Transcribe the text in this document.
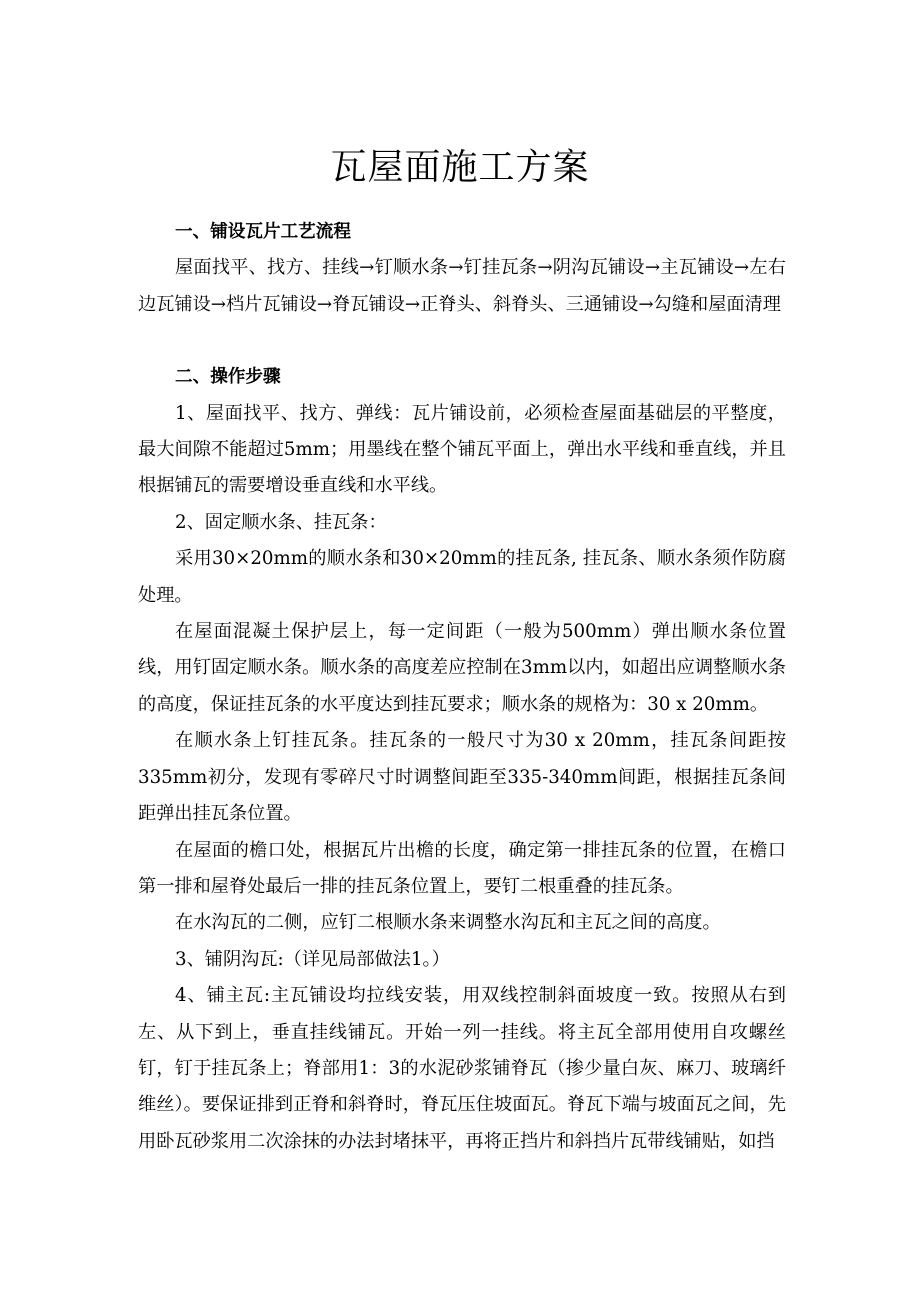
瓦屋面施工方案

一、铺设瓦片工艺流程

屋面找平、找方、挂线→钉顺水条→钉挂瓦条→阴沟瓦铺设→主瓦铺设→左右边瓦铺设→档片瓦铺设→脊瓦铺设→正脊头、斜脊头、三通铺设→勾缝和屋面清理

二、操作步骤

1、屋面找平、找方、弹线：瓦片铺设前，必须检查屋面基础层的平整度，最大间隙不能超过5mm；用墨线在整个铺瓦平面上，弹出水平线和垂直线，并且根据铺瓦的需要增设垂直线和水平线。

2、固定顺水条、挂瓦条：

采用30×20mm的顺水条和30×20mm的挂瓦条, 挂瓦条、顺水条须作防腐处理。

在屋面混凝土保护层上，每一定间距（一般为500mm）弹出顺水条位置线，用钉固定顺水条。顺水条的高度差应控制在3mm以内，如超出应调整顺水条的高度，保证挂瓦条的水平度达到挂瓦要求；顺水条的规格为：30 x 20mm。

在顺水条上钉挂瓦条。挂瓦条的一般尺寸为30 x 20mm，挂瓦条间距按335mm初分，发现有零碎尺寸时调整间距至335-340mm间距，根据挂瓦条间距弹出挂瓦条位置。

在屋面的檐口处，根据瓦片出檐的长度，确定第一排挂瓦条的位置，在檐口第一排和屋脊处最后一排的挂瓦条位置上，要钉二根重叠的挂瓦条。

在水沟瓦的二侧，应钉二根顺水条来调整水沟瓦和主瓦之间的高度。

3、铺阴沟瓦:（详见局部做法1。）

4、铺主瓦:主瓦铺设均拉线安装，用双线控制斜面坡度一致。按照从右到左、从下到上，垂直挂线铺瓦。开始一列一挂线。将主瓦全部用使用自攻螺丝钉，钉于挂瓦条上；脊部用1：3的水泥砂浆铺脊瓦（掺少量白灰、麻刀、玻璃纤维丝）。要保证排到正脊和斜脊时，脊瓦压住坡面瓦。脊瓦下端与坡面瓦之间，先用卧瓦砂浆用二次涂抹的办法封堵抹平，再将正挡片和斜挡片瓦带线铺贴，如挡
